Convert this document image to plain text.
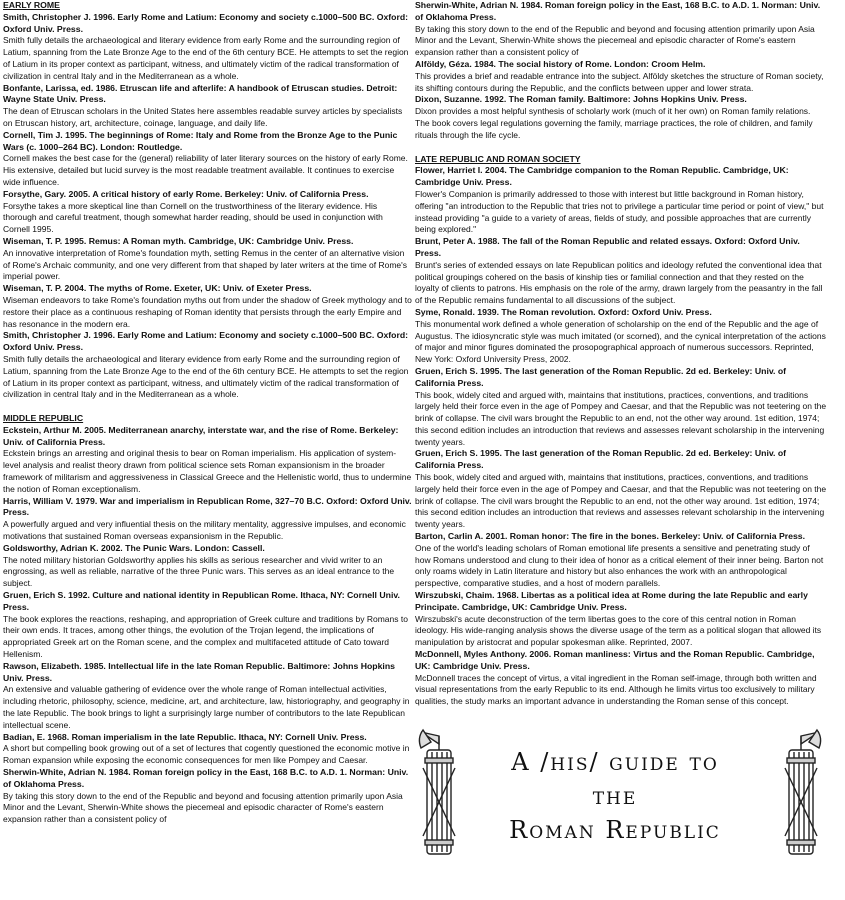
EARLY ROME

Smith, Christopher J. 1996. Early Rome and Latium: Economy and society c.1000–500 BC. Oxford: Oxford Univ. Press.

Smith fully details the archaeological and literary evidence from early Rome and the surrounding region of Latium, spanning from the Late Bronze Age to the end of the 6th century BCE. He attempts to set the region of Latium in its proper context as participant, witness, and ultimately victim of the radical transformation of civilization in central Italy and in the Mediterranean as a whole.

Bonfante, Larissa, ed. 1986. Etruscan life and afterlife: A handbook of Etruscan studies. Detroit: Wayne State Univ. Press.

The dean of Etruscan scholars in the United States here assembles readable survey articles by specialists on Etruscan history, art, architecture, coinage, language, and daily life.

Cornell, Tim J. 1995. The beginnings of Rome: Italy and Rome from the Bronze Age to the Punic Wars (c. 1000–264 BC). London: Routledge.

Cornell makes the best case for the (general) reliability of later literary sources on the history of early Rome. His extensive, detailed but lucid survey is the most readable treatment available. It continues to exercise wide influence.

Forsythe, Gary. 2005. A critical history of early Rome. Berkeley: Univ. of California Press.

Forsythe takes a more skeptical line than Cornell on the trustworthiness of the literary evidence. His thorough and careful treatment, though somewhat harder reading, should be used in conjunction with Cornell 1995.

Wiseman, T. P. 1995. Remus: A Roman myth. Cambridge, UK: Cambridge Univ. Press.

An innovative interpretation of Rome's foundation myth, setting Remus in the center of an alternative vision of Rome's Archaic community, and one very different from that shaped by later writers at the time of Rome's imperial power.

Wiseman, T. P. 2004. The myths of Rome. Exeter, UK: Univ. of Exeter Press.

Wiseman endeavors to take Rome's foundation myths out from under the shadow of Greek mythology and to restore their place as a continuous reshaping of Roman identity that persists through the early Empire and has resonance in the modern era.

Smith, Christopher J. 1996. Early Rome and Latium: Economy and society c.1000–500 BC. Oxford: Oxford Univ. Press.

Smith fully details the archaeological and literary evidence from early Rome and the surrounding region of Latium, spanning from the Late Bronze Age to the end of the 6th century BCE. He attempts to set the region of Latium in its proper context as participant, witness, and ultimately victim of the radical transformation of civilization in central Italy and in the Mediterranean as a whole.

MIDDLE REPUBLIC

Eckstein, Arthur M. 2005. Mediterranean anarchy, interstate war, and the rise of Rome. Berkeley: Univ. of California Press.

Eckstein brings an arresting and original thesis to bear on Roman imperialism. His application of system-level analysis and realist theory drawn from political science sets Roman expansionism in the broader framework of militarism and aggressiveness in Classical Greece and the Hellenistic world, thus to undermine the notion of Roman exceptionalism.

Harris, William V. 1979. War and imperialism in Republican Rome, 327–70 B.C. Oxford: Oxford Univ. Press.

A powerfully argued and very influential thesis on the military mentality, aggressive impulses, and economic motivations that sustained Roman overseas expansionism in the Republic.

Goldsworthy, Adrian K. 2002. The Punic Wars. London: Cassell.

The noted military historian Goldsworthy applies his skills as serious researcher and vivid writer to an engrossing, as well as reliable, narrative of the three Punic wars. This serves as an ideal entrance to the subject.

Gruen, Erich S. 1992. Culture and national identity in Republican Rome. Ithaca, NY: Cornell Univ. Press.

The book explores the reactions, reshaping, and appropriation of Greek culture and traditions by Romans to their own ends. It traces, among other things, the evolution of the Trojan legend, the implications of appropriated Greek art on the Roman scene, and the complex and multifaceted attitude of Cato toward Hellenism.

Rawson, Elizabeth. 1985. Intellectual life in the late Roman Republic. Baltimore: Johns Hopkins Univ. Press.

An extensive and valuable gathering of evidence over the whole range of Roman intellectual activities, including rhetoric, philosophy, science, medicine, art, and architecture, law, historiography, and geography in the late Republic. The book brings to light a surprisingly large number of contributors to the late Republican intellectual scene.

Badian, E. 1968. Roman imperialism in the late Republic. Ithaca, NY: Cornell Univ. Press.

A short but compelling book growing out of a set of lectures that cogently questioned the economic motive in Roman expansion while exposing the economic consequences for men like Pompey and Caesar.

Sherwin-White, Adrian N. 1984. Roman foreign policy in the East, 168 B.C. to A.D. 1. Norman: Univ. of Oklahoma Press.

By taking this story down to the end of the Republic and beyond and focusing attention primarily upon Asia Minor and the Levant, Sherwin-White shows the piecemeal and episodic character of Rome's eastern expansion rather than a consistent policy of

Sherwin-White, Adrian N. 1984. Roman foreign policy in the East, 168 B.C. to A.D. 1. Norman: Univ. of Oklahoma Press.

By taking this story down to the end of the Republic and beyond and focusing attention primarily upon Asia Minor and the Levant, Sherwin-White shows the piecemeal and episodic character of Rome's eastern expansion rather than a consistent policy of

Alföldy, Géza. 1984. The social history of Rome. London: Croom Helm.

This provides a brief and readable entrance into the subject. Alföldy sketches the structure of Roman society, its shifting contours during the Republic, and the conflicts between upper and lower strata.

Dixon, Suzanne. 1992. The Roman family. Baltimore: Johns Hopkins Univ. Press.

Dixon provides a most helpful synthesis of scholarly work (much of it her own) on Roman family relations. The book covers legal regulations governing the family, marriage practices, the role of children, and family rituals through the life cycle.

LATE REPUBLIC AND ROMAN SOCIETY

Flower, Harriet I. 2004. The Cambridge companion to the Roman Republic. Cambridge, UK: Cambridge Univ. Press.

Flower's Companion is primarily addressed to those with interest but little background in Roman history, offering "an introduction to the Republic that tries not to privilege a particular time period or point of view," but instead providing "a guide to a variety of areas, fields of study, and possible approaches that are currently being explored."

Brunt, Peter A. 1988. The fall of the Roman Republic and related essays. Oxford: Oxford Univ. Press.

Brunt's series of extended essays on late Republican politics and ideology refuted the conventional idea that political groupings cohered on the basis of kinship ties or familial connection and that they rested on the loyalty of clients to patrons. His emphasis on the role of the army, drawn largely from the peasantry in the fall of the Republic remains fundamental to all discussions of the subject.

Syme, Ronald. 1939. The Roman revolution. Oxford: Oxford Univ. Press.

This monumental work defined a whole generation of scholarship on the end of the Republic and the age of Augustus. The idiosyncratic style was much imitated (or scorned), and the cynical interpretation of the actions of major and minor figures dominated the prosopographical approach of numerous successors. Reprinted, New York: Oxford University Press, 2002.

Gruen, Erich S. 1995. The last generation of the Roman Republic. 2d ed. Berkeley: Univ. of California Press.

This book, widely cited and argued with, maintains that institutions, practices, conventions, and traditions largely held their force even in the age of Pompey and Caesar, and that the Republic was not teetering on the brink of collapse. The civil wars brought the Republic to an end, not the other way around. 1st edition, 1974; this second edition includes an introduction that reviews and assesses relevant scholarship in the intervening twenty years.

Gruen, Erich S. 1995. The last generation of the Roman Republic. 2d ed. Berkeley: Univ. of California Press.

This book, widely cited and argued with, maintains that institutions, practices, conventions, and traditions largely held their force even in the age of Pompey and Caesar, and that the Republic was not teetering on the brink of collapse. The civil wars brought the Republic to an end, not the other way around. 1st edition, 1974; this second edition includes an introduction that reviews and assesses relevant scholarship in the intervening twenty years.

Barton, Carlin A. 2001. Roman honor: The fire in the bones. Berkeley: Univ. of California Press.

One of the world's leading scholars of Roman emotional life presents a sensitive and penetrating study of how Romans understood and clung to their idea of honor as a critical element of their inner being. Barton not only roams widely in Latin literature and history but also enhances the work with an anthropological perspective, comparative studies, and a host of modern parallels.

Wirszubski, Chaim. 1968. Libertas as a political idea at Rome during the late Republic and early Principate. Cambridge, UK: Cambridge Univ. Press.

Wirszubski's acute deconstruction of the term libertas goes to the core of this central notion in Roman ideology. His wide-ranging analysis shows the diverse usage of the term as a political slogan that allowed its manipulation by aristocrat and popular spokesman alike. Reprinted, 2007.

McDonnell, Myles Anthony. 2006. Roman manliness: Virtus and the Roman Republic. Cambridge, UK: Cambridge Univ. Press.

McDonnell traces the concept of virtus, a vital ingredient in the Roman self-image, through both written and visual representations from the early Republic to its end. Although he limits virtus too exclusively to military qualities, the study marks an important advance in understanding the Roman sense of this concept.

A /his/ guide to
the
Roman Republic
